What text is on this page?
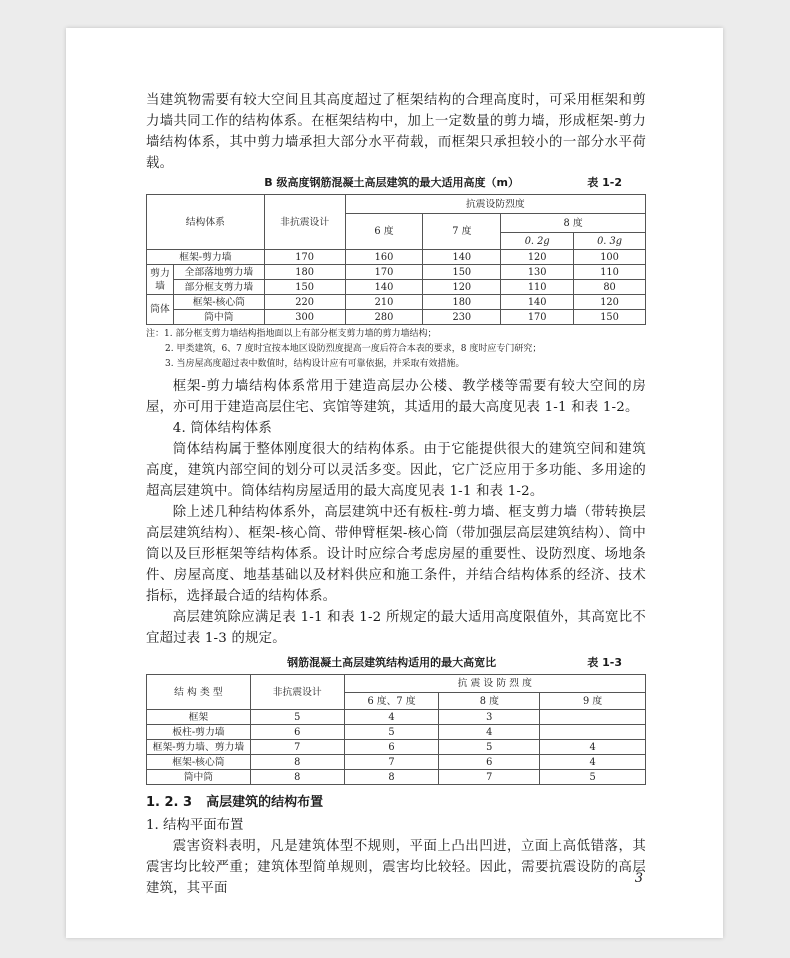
当建筑物需要有较大空间且其高度超过了框架结构的合理高度时，可采用框架和剪力墙共同工作的结构体系。在框架结构中，加上一定数量的剪力墙，形成框架-剪力墙结构体系，其中剪力墙承担大部分水平荷载，而框架只承担较小的一部分水平荷载。

B 级高度钢筋混凝土高层建筑的最大适用高度（m）	表 1-2
结构体系		非抗震设计	抗震设防烈度			
			6 度	7 度	8 度	
					0. 2g	0. 3g
框架-剪力墙		170	160	140	120	100
剪力墙	全部落地剪力墙	180	170	150	130	110
	部分框支剪力墙	150	140	120	110	80
筒体	框架-核心筒	220	210	180	140	120
	筒中筒	300	280	230	170	150
注：1. 部分框支剪力墙结构指地面以上有部分框支剪力墙的剪力墙结构；
2. 甲类建筑，6、7 度时宜按本地区设防烈度提高一度后符合本表的要求，8 度时应专门研究；
3. 当房屋高度超过表中数值时，结构设计应有可靠依据，并采取有效措施。

框架-剪力墙结构体系常用于建造高层办公楼、教学楼等需要有较大空间的房屋，亦可用于建造高层住宅、宾馆等建筑，其适用的最大高度见表 1-1 和表 1-2。

4. 筒体结构体系

筒体结构属于整体刚度很大的结构体系。由于它能提供很大的建筑空间和建筑高度，建筑内部空间的划分可以灵活多变。因此，它广泛应用于多功能、多用途的超高层建筑中。筒体结构房屋适用的最大高度见表 1-1 和表 1-2。

除上述几种结构体系外，高层建筑中还有板柱-剪力墙、框支剪力墙（带转换层高层建筑结构）、框架-核心筒、带伸臂框架-核心筒（带加强层高层建筑结构）、筒中筒以及巨形框架等结构体系。设计时应综合考虑房屋的重要性、设防烈度、场地条件、房屋高度、地基基础以及材料供应和施工条件，并结合结构体系的经济、技术指标，选择最合适的结构体系。

高层建筑除应满足表 1-1 和表 1-2 所规定的最大适用高度限值外，其高宽比不宜超过表 1-3 的规定。

钢筋混凝土高层建筑结构适用的最大高宽比	表 1-3
结 构 类 型	非抗震设计	抗 震 设 防 烈 度		
		6 度、7 度	8 度	9 度
框架	5	4	3	
板柱-剪力墙	6	5	4	
框架-剪力墙、剪力墙	7	6	5	4
框架-核心筒	8	7	6	4
筒中筒	8	8	7	5
1. 2. 3 高层建筑的结构布置
1. 结构平面布置

震害资料表明，凡是建筑体型不规则，平面上凸出凹进，立面上高低错落，其震害均比较严重；建筑体型简单规则，震害均比较轻。因此，需要抗震设防的高层建筑，其平面

3
